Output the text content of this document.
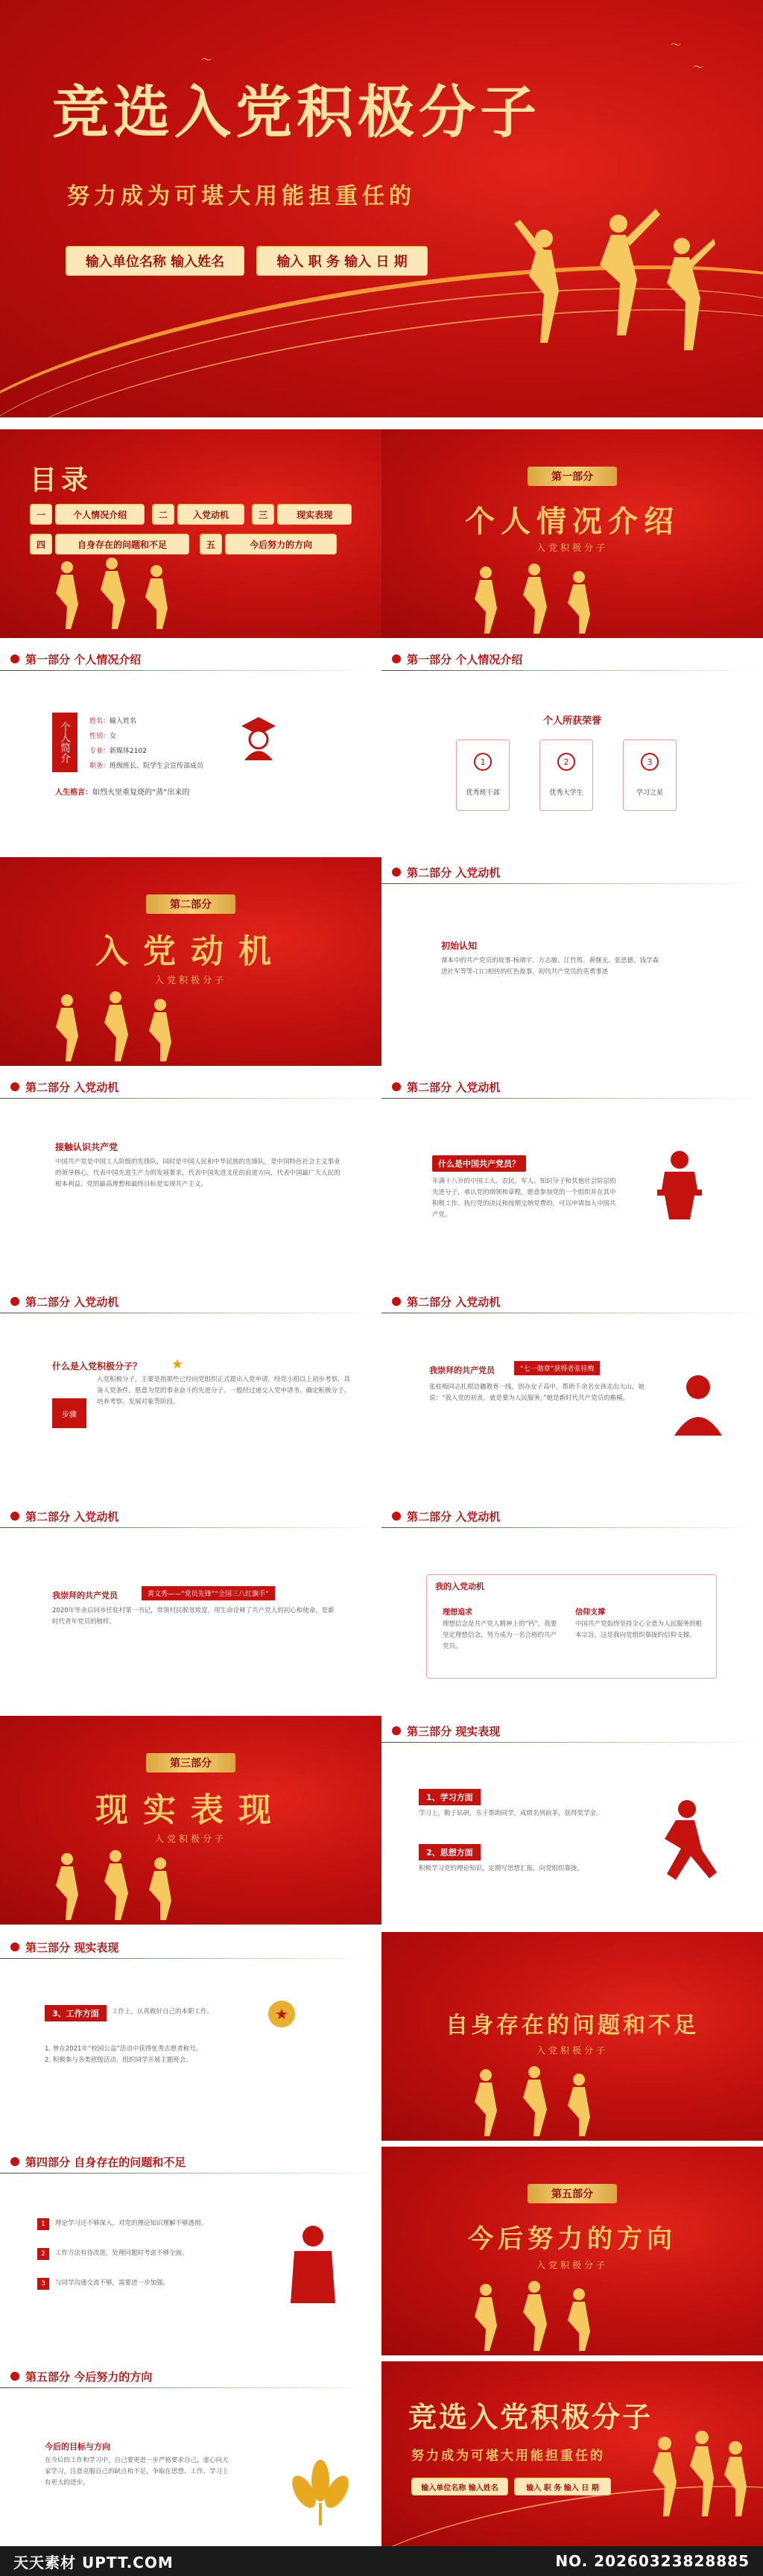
〜
〜
〜
竞选入党积极分子
努力成为可堪大用能担重任的
输入单位名称 输入姓名	输入 职 务 输入 日 期
目录
一	个人情况介绍	二	入党动机	三	现实表现
四	自身存在的问题和不足	五	今后努力的方向
第一部分
个人情况介绍
入党积极分子
第一部分 个人情况介绍
个人简介	姓名：输入姓名
性别：女
专业：新媒体2102
职务：班级班长、院学生会宣传部成员
人生格言：如烈火里重复烧的“蒸”出来的
第一部分 个人情况介绍
个人所获荣誉
1
优秀班干部
2
优秀大学生
3
学习之星
第二部分
入党动机
入党积极分子
第二部分 入党动机
初始认知
课本中的共产党员的故事-杨靖宇、方志敏、江竹筠、黄继光、张思德、钱学森
进社军等等-口口相传的红色故事，初代共产党员的英勇事迹
第二部分 入党动机
接触认识共产党
中国共产党是中国工人阶级的先锋队，同时是中国人民和中华民族的先锋队，是中国特色社会主义事业的领导核心，代表中国先进生产力的发展要求，代表中国先进文化的前进方向，代表中国最广大人民的根本利益。党的最高理想和最终目标是实现共产主义。
第二部分 入党动机
什么是中国共产党员？
年满十八岁的中国工人、农民、军人、知识分子和其他社会阶层的先进分子，承认党的纲领和章程，愿意参加党的一个组织并在其中积极工作、执行党的决议和按期交纳党费的，可以申请加入中国共产党。
第二部分 入党动机
什么是入党积极分子？ ★
步骤
入党积极分子，主要是指那些已经向党组织正式提出入党申请，经党小组以上初步考察，具备入党条件，愿意为党的事业奋斗的先进分子。一般经过递交入党申请书、确定积极分子、培养考察、发展对象等阶段。
第二部分 入党动机
我崇拜的共产党员	“七一勋章”获得者张桂梅
张桂梅同志扎根边疆教育一线，创办女子高中，帮助千余名女孩走出大山，她说：“我入党的初衷，就是要为人民服务。”她是新时代共产党员的楷模。
第二部分 入党动机
我崇拜的共产党员	黄文秀——“党员先锋”“全国三八红旗手”
2020年毕业后回乡任驻村第一书记，带领村民脱贫致富，用生命诠释了共产党人的初心和使命，是新时代青年党员的榜样。
第二部分 入党动机
我的入党动机
理想追求
理想信念是共产党人精神上的“钙”，我要坚定理想信念，努力成为一名合格的共产党员。
信仰支撑
中国共产党始终坚持全心全意为人民服务的根本宗旨，这是我向党组织靠拢的信仰支撑。
第三部分
现实表现
入党积极分子
第三部分 现实表现
1、学习方面
学习上，勤于钻研，乐于帮助同学，成绩名列前茅，获得奖学金。
2、思想方面
积极学习党的理论知识，定期写思想汇报，向党组织靠拢。
第三部分 现实表现
3、工作方面	工作上，认真做好自己的本职工作。	★
1. 曾在2021年“校园公益”活动中获得优秀志愿者称号。
2. 积极参与各类班级活动，组织同学开展主题班会。
自身存在的问题和不足
入党积极分子
第四部分 自身存在的问题和不足
1	理论学习还不够深入，对党的理论知识理解不够透彻。
2	工作方法有待改进，处理问题时考虑不够全面。
3	与同学沟通交流不够，需要进一步加强。
第五部分
今后努力的方向
入党积极分子
第五部分 今后努力的方向
今后的目标与方向
在今后的工作和学习中，自己要更进一步严格要求自己，虚心向大家学习，注意克服自己的缺点和不足，争取在思想、工作、学习上有更大的进步。
竞选入党积极分子
努力成为可堪大用能担重任的
输入单位名称 输入姓名	输入 职 务 输入 日 期
天天素材 UPTT.COM	NO. 20260323828885
